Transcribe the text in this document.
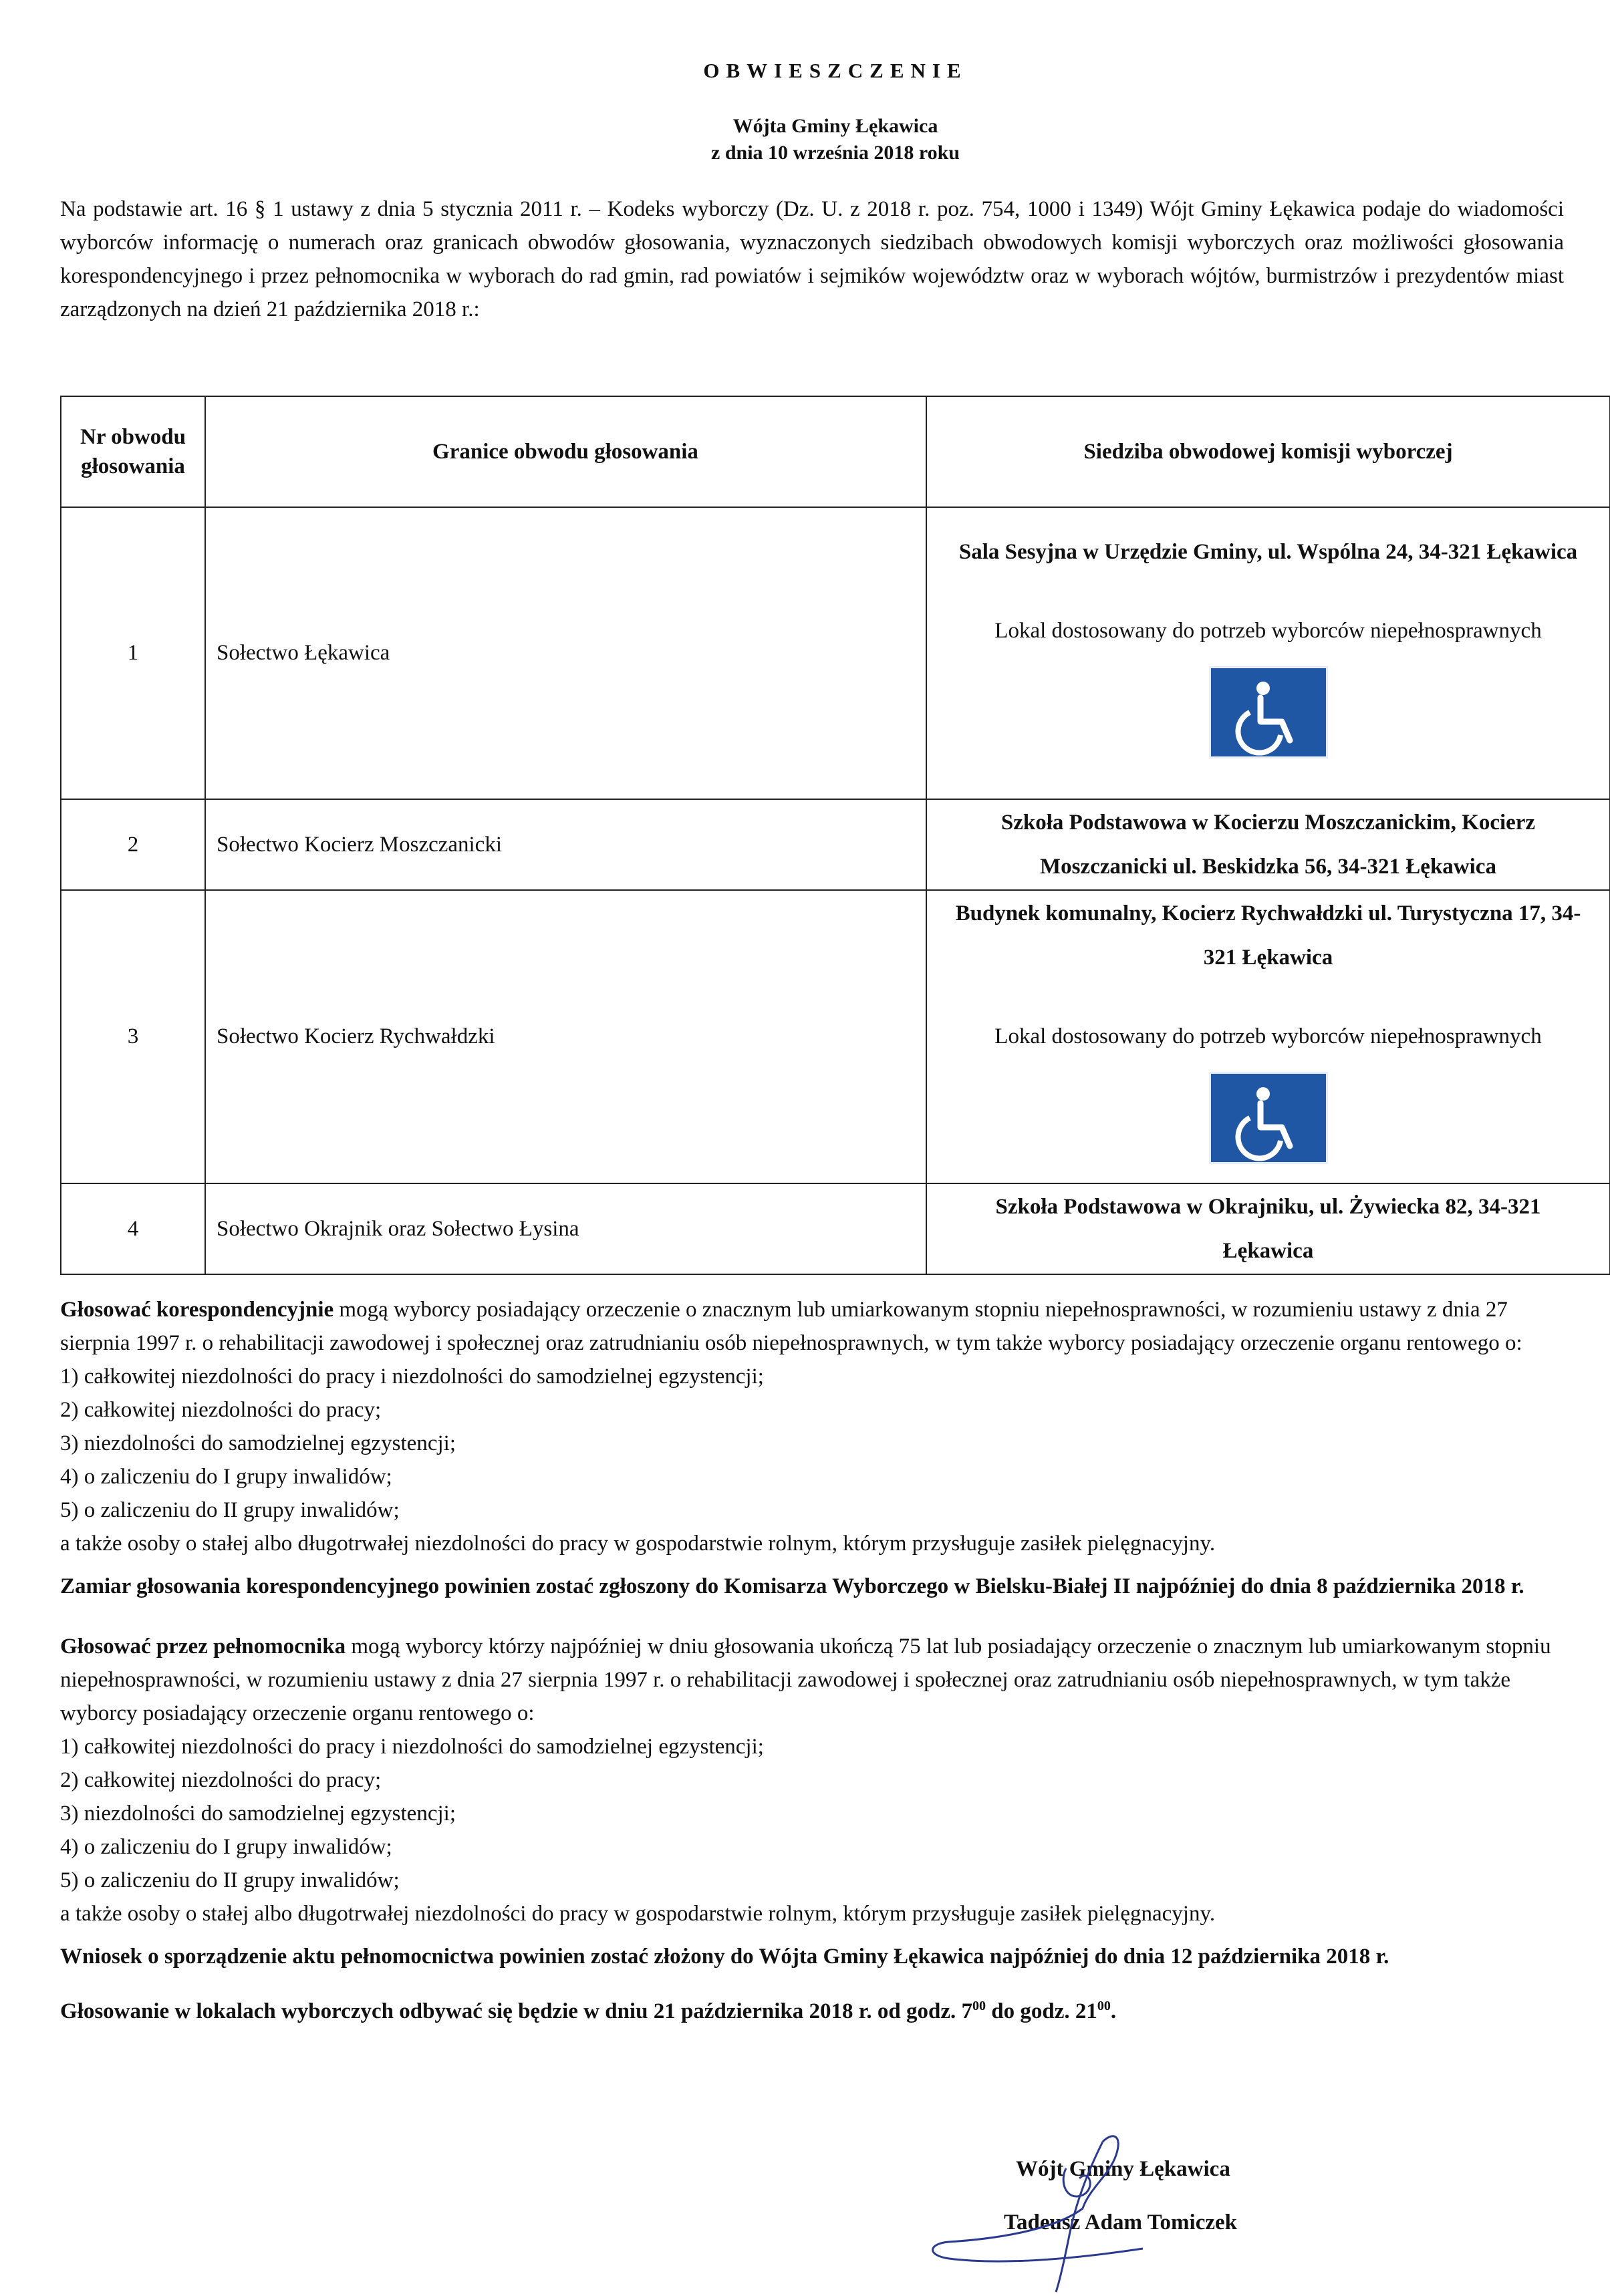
OBWIESZCZENIE
Wójta Gminy Łękawica
z dnia 10 września 2018 roku
Na podstawie art. 16 § 1 ustawy z dnia 5 stycznia 2011 r. – Kodeks wyborczy (Dz. U. z 2018 r. poz. 754, 1000 i 1349) Wójt Gminy Łękawica podaje do wiadomości wyborców informację o numerach oraz granicach obwodów głosowania, wyznaczonych siedzibach obwodowych komisji wyborczych oraz możliwości głosowania korespondencyjnego i przez pełnomocnika w wyborach do rad gmin, rad powiatów i sejmików województw oraz w wyborach wójtów, burmistrzów i prezydentów miast zarządzonych na dzień 21 października 2018 r.:
Nr obwodu głosowania	Granice obwodu głosowania	Siedziba obwodowej komisji wyborczej
1	Sołectwo Łękawica	Sala Sesyjna w Urzędzie Gminy, ul. Wspólna 24, 34-321 Łękawica
Lokal dostosowany do potrzeb wyborców niepełnosprawnych

2	Sołectwo Kocierz Moszczanicki	Szkoła Podstawowa w Kocierzu Moszczanickim, Kocierz Moszczanicki ul. Beskidzka 56, 34-321 Łękawica

3	Sołectwo Kocierz Rychwałdzki	Budynek komunalny, Kocierz Rychwałdzki ul. Turystyczna 17, 34-321 Łękawica
Lokal dostosowany do potrzeb wyborców niepełnosprawnych

4	Sołectwo Okrajnik oraz Sołectwo Łysina	Szkoła Podstawowa w Okrajniku, ul. Żywiecka 82, 34-321 Łękawica

Głosować korespondencyjnie mogą wyborcy posiadający orzeczenie o znacznym lub umiarkowanym stopniu niepełnosprawności, w rozumieniu ustawy z dnia 27 sierpnia 1997 r. o rehabilitacji zawodowej i społecznej oraz zatrudnianiu osób niepełnosprawnych, w tym także wyborcy posiadający orzeczenie organu rentowego o:

1) całkowitej niezdolności do pracy i niezdolności do samodzielnej egzystencji;

2) całkowitej niezdolności do pracy;

3) niezdolności do samodzielnej egzystencji;

4) o zaliczeniu do I grupy inwalidów;

5) o zaliczeniu do II grupy inwalidów;

a także osoby o stałej albo długotrwałej niezdolności do pracy w gospodarstwie rolnym, którym przysługuje zasiłek pielęgnacyjny.

Zamiar głosowania korespondencyjnego powinien zostać zgłoszony do Komisarza Wyborczego w Bielsku-Białej II najpóźniej do dnia 8 października 2018 r.

Głosować przez pełnomocnika mogą wyborcy którzy najpóźniej w dniu głosowania ukończą 75 lat lub posiadający orzeczenie o znacznym lub umiarkowanym stopniu niepełnosprawności, w rozumieniu ustawy z dnia 27 sierpnia 1997 r. o rehabilitacji zawodowej i społecznej oraz zatrudnianiu osób niepełnosprawnych, w tym także wyborcy posiadający orzeczenie organu rentowego o:

1) całkowitej niezdolności do pracy i niezdolności do samodzielnej egzystencji;

2) całkowitej niezdolności do pracy;

3) niezdolności do samodzielnej egzystencji;

4) o zaliczeniu do I grupy inwalidów;

5) o zaliczeniu do II grupy inwalidów;

a także osoby o stałej albo długotrwałej niezdolności do pracy w gospodarstwie rolnym, którym przysługuje zasiłek pielęgnacyjny.

Wniosek o sporządzenie aktu pełnomocnictwa powinien zostać złożony do Wójta Gminy Łękawica najpóźniej do dnia 12 października 2018 r.

Głosowanie w lokalach wyborczych odbywać się będzie w dniu 21 października 2018 r. od godz. $7^{00}$ do godz. $21^{00}$.

Wójt Gminy Łękawica
Tadeusz Adam Tomiczek
